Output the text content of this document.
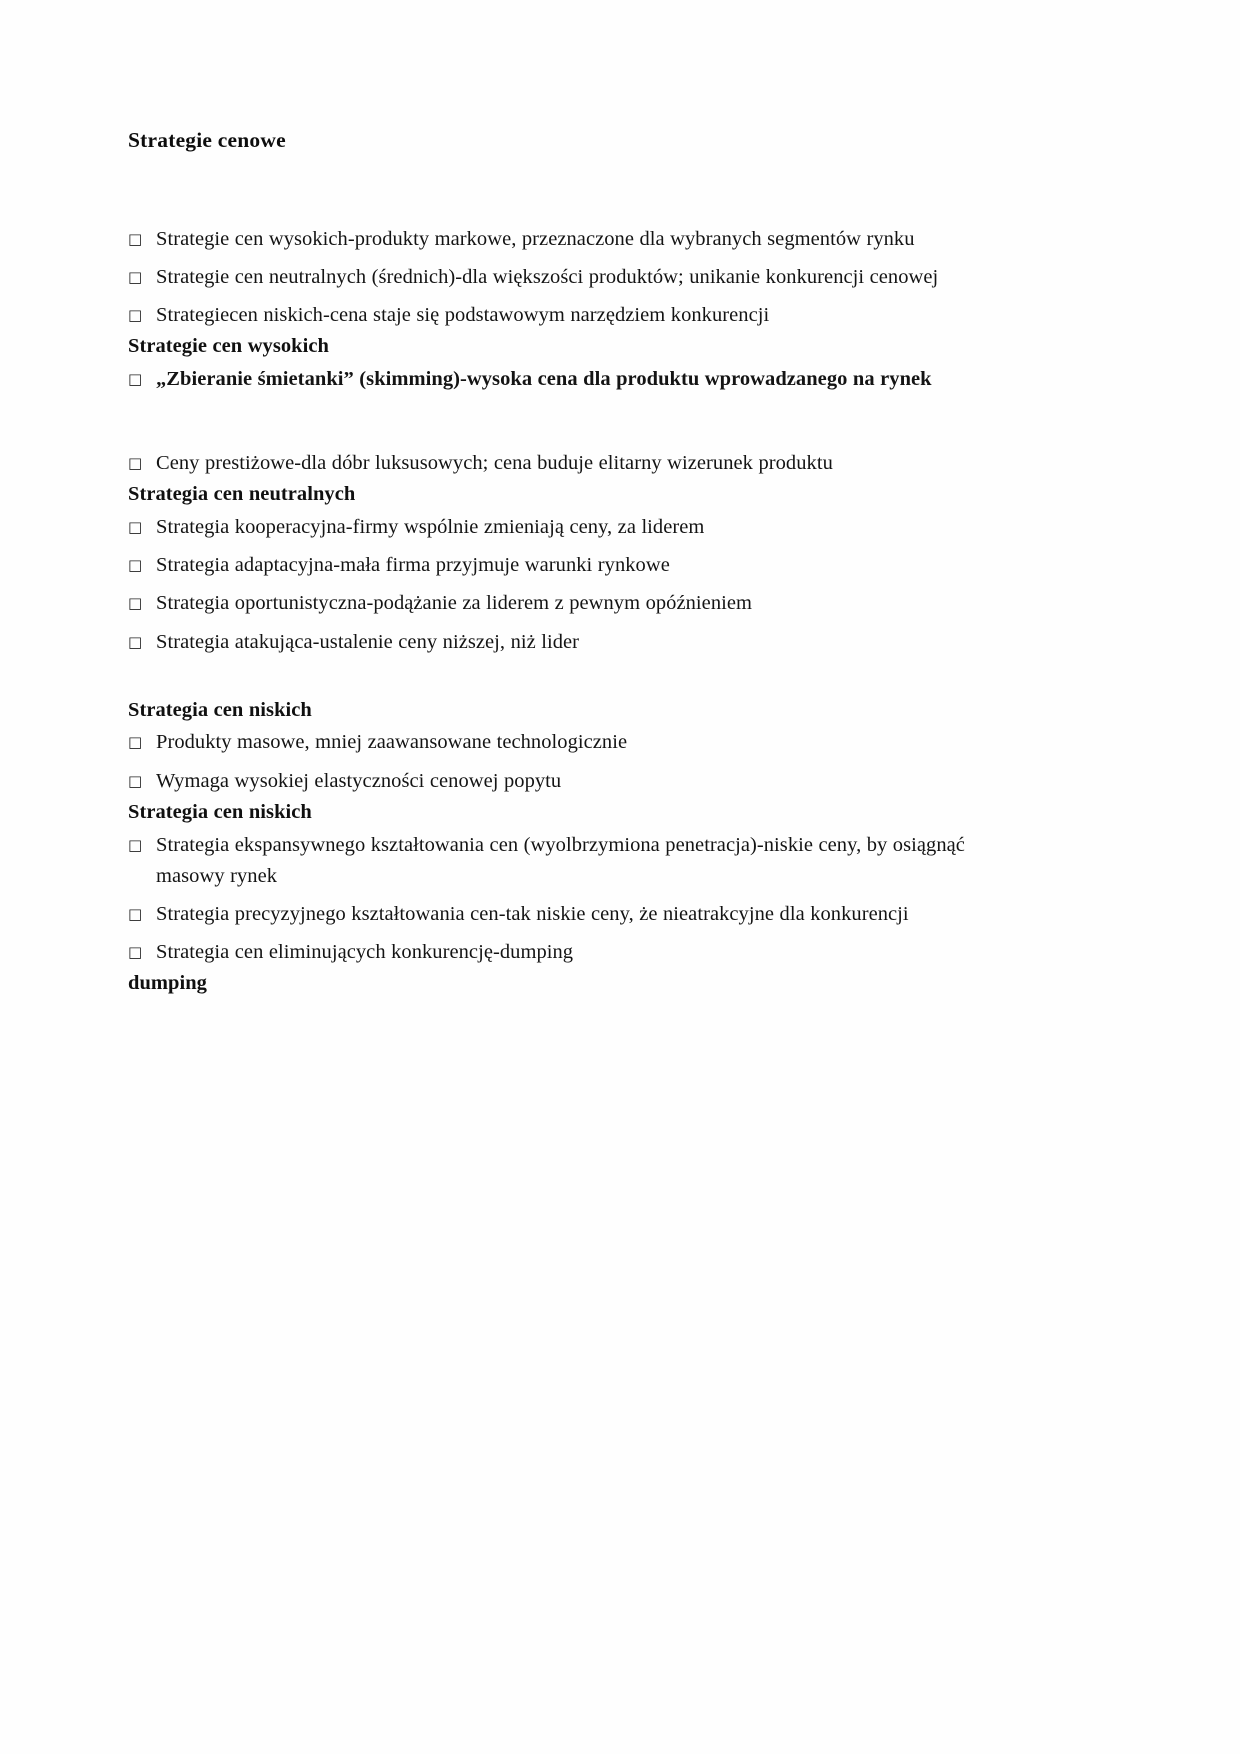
Strategie cenowe
□ Strategie cen wysokich-produkty markowe, przeznaczone dla wybranych segmentów rynku
□ Strategie cen neutralnych (średnich)-dla większości produktów; unikanie konkurencji cenowej
□ Strategiecen niskich-cena staje się podstawowym narzędziem konkurencji
Strategie cen wysokich
□ „Zbieranie śmietanki” (skimming)-wysoka cena dla produktu wprowadzanego na rynek
□ Ceny prestiżowe-dla dóbr luksusowych; cena buduje elitarny wizerunek produktu
Strategia cen neutralnych
□ Strategia kooperacyjna-firmy wspólnie zmieniają ceny, za liderem
□ Strategia adaptacyjna-mała firma przyjmuje warunki rynkowe
□ Strategia oportunistyczna-podążanie za liderem z pewnym opóźnieniem
□ Strategia atakująca-ustalenie ceny niższej, niż lider
Strategia cen niskich
□ Produkty masowe, mniej zaawansowane technologicznie
□ Wymaga wysokiej elastyczności cenowej popytu
Strategia cen niskich
□ Strategia ekspansywnego kształtowania cen (wyolbrzymiona penetracja)-niskie ceny, by osiągnąć masowy rynek
□ Strategia precyzyjnego kształtowania cen-tak niskie ceny, że nieatrakcyjne dla konkurencji
□ Strategia cen eliminujących konkurencję-dumping
dumping
